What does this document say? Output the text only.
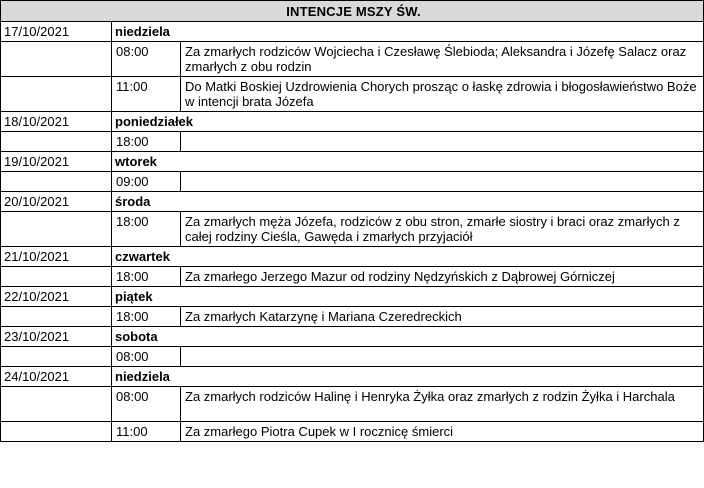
INTENCJE MSZY ŚW.		
17/10/2021	niedziela	
	08:00	Za zmarłych rodziców Wojciecha i Czesławę Ślebioda; Aleksandra i Józefę Salacz oraz zmarłych z obu rodzin
	11:00	Do Matki Boskiej Uzdrowienia Chorych prosząc o łaskę zdrowia i błogosławieństwo Boże w intencji brata Józefa
18/10/2021	poniedziałek	
	18:00	
19/10/2021	wtorek	
	09:00	
20/10/2021	środa	
	18:00	Za zmarłych męża Józefa, rodziców z obu stron, zmarłe siostry i braci oraz zmarłych z całej rodziny Cieśla, Gawęda i zmarłych przyjaciół
21/10/2021	czwartek	
	18:00	Za zmarłego Jerzego Mazur od rodziny Nędzyńskich z Dąbrowej Górniczej
22/10/2021	piątek	
	18:00	Za zmarłych Katarzynę i Mariana Czeredreckich
23/10/2021	sobota	
	08:00	
24/10/2021	niedziela	
	08:00	Za zmarłych rodziców Halinę i Henryka Żyłka oraz zmarłych z rodzin Żyłka i Harchala
	11:00	Za zmarłego Piotra Cupek w I rocznicę śmierci
